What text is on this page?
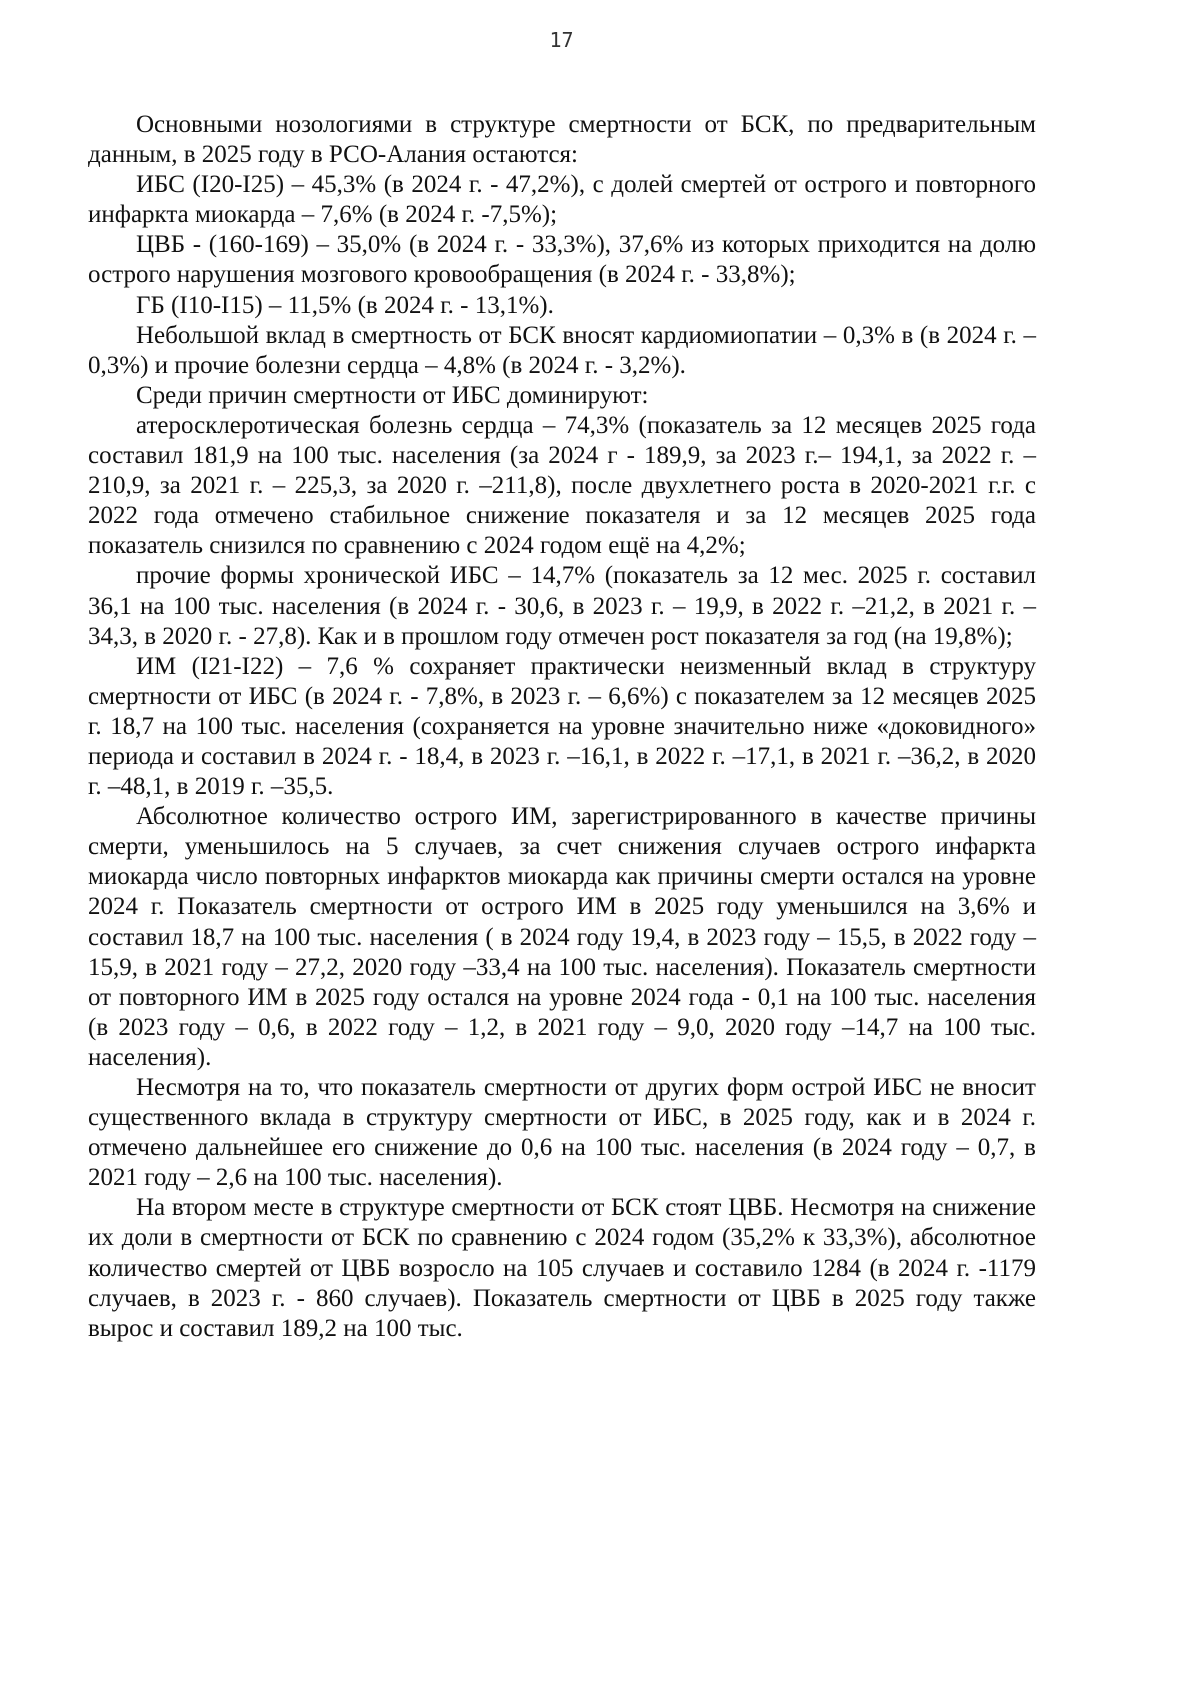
17

Основными нозологиями в структуре смертности от БСК, по предварительным данным, в 2025 году в РСО-Алания остаются:

ИБС (I20-I25) – 45,3% (в 2024 г. - 47,2%), с долей смертей от острого и повторного инфаркта миокарда – 7,6% (в 2024 г. -7,5%);

ЦВБ - (160-169) – 35,0% (в 2024 г. - 33,3%), 37,6% из которых приходится на долю острого нарушения мозгового кровообращения (в 2024 г. - 33,8%);

ГБ (I10-I15) – 11,5% (в 2024 г. - 13,1%).

Небольшой вклад в смертность от БСК вносят кардиомиопатии – 0,3% в (в 2024 г. – 0,3%) и прочие болезни сердца – 4,8% (в 2024 г. - 3,2%).

Среди причин смертности от ИБС доминируют:

атеросклеротическая болезнь сердца – 74,3% (показатель за 12 месяцев 2025 года составил 181,9 на 100 тыс. населения (за 2024 г - 189,9, за 2023 г.– 194,1, за 2022 г. – 210,9, за 2021 г. – 225,3, за 2020 г. –211,8), после двухлетнего роста в 2020-2021 г.г. с 2022 года отмечено стабильное снижение показателя и за 12 месяцев 2025 года показатель снизился по сравнению с 2024 годом ещё на 4,2%;

прочие формы хронической ИБС – 14,7% (показатель за 12 мес. 2025 г. составил 36,1 на 100 тыс. населения (в 2024 г. - 30,6, в 2023 г. – 19,9, в 2022 г. –21,2, в 2021 г. –34,3, в 2020 г. - 27,8). Как и в прошлом году отмечен рост показателя за год (на 19,8%);

ИМ (I21-I22) – 7,6 % сохраняет практически неизменный вклад в структуру смертности от ИБС (в 2024 г. - 7,8%, в 2023 г. – 6,6%) с показателем за 12 месяцев 2025 г. 18,7 на 100 тыс. населения (сохраняется на уровне значительно ниже «доковидного» периода и составил в 2024 г. - 18,4, в 2023 г. –16,1, в 2022 г. –17,1, в 2021 г. –36,2, в 2020 г. –48,1, в 2019 г. –35,5.

Абсолютное количество острого ИМ, зарегистрированного в качестве причины смерти, уменьшилось на 5 случаев, за счет снижения случаев острого инфаркта миокарда число повторных инфарктов миокарда как причины смерти остался на уровне 2024 г. Показатель смертности от острого ИМ в 2025 году уменьшился на 3,6% и составил 18,7 на 100 тыс. населения ( в 2024 году 19,4, в 2023 году – 15,5, в 2022 году – 15,9, в 2021 году – 27,2, 2020 году –33,4 на 100 тыс. населения). Показатель смертности от повторного ИМ в 2025 году остался на уровне 2024 года - 0,1 на 100 тыс. населения (в 2023 году – 0,6, в 2022 году – 1,2, в 2021 году – 9,0, 2020 году –14,7 на 100 тыс. населения).

Несмотря на то, что показатель смертности от других форм острой ИБС не вносит существенного вклада в структуру смертности от ИБС, в 2025 году, как и в 2024 г. отмечено дальнейшее его снижение до 0,6 на 100 тыс. населения (в 2024 году – 0,7, в 2021 году – 2,6 на 100 тыс. населения).

На втором месте в структуре смертности от БСК стоят ЦВБ. Несмотря на снижение их доли в смертности от БСК по сравнению с 2024 годом (35,2% к 33,3%), абсолютное количество смертей от ЦВБ возросло на 105 случаев и составило 1284 (в 2024 г. -1179 случаев, в 2023 г. - 860 случаев). Показатель смертности от ЦВБ в 2025 году также вырос и составил 189,2 на 100 тыс.
